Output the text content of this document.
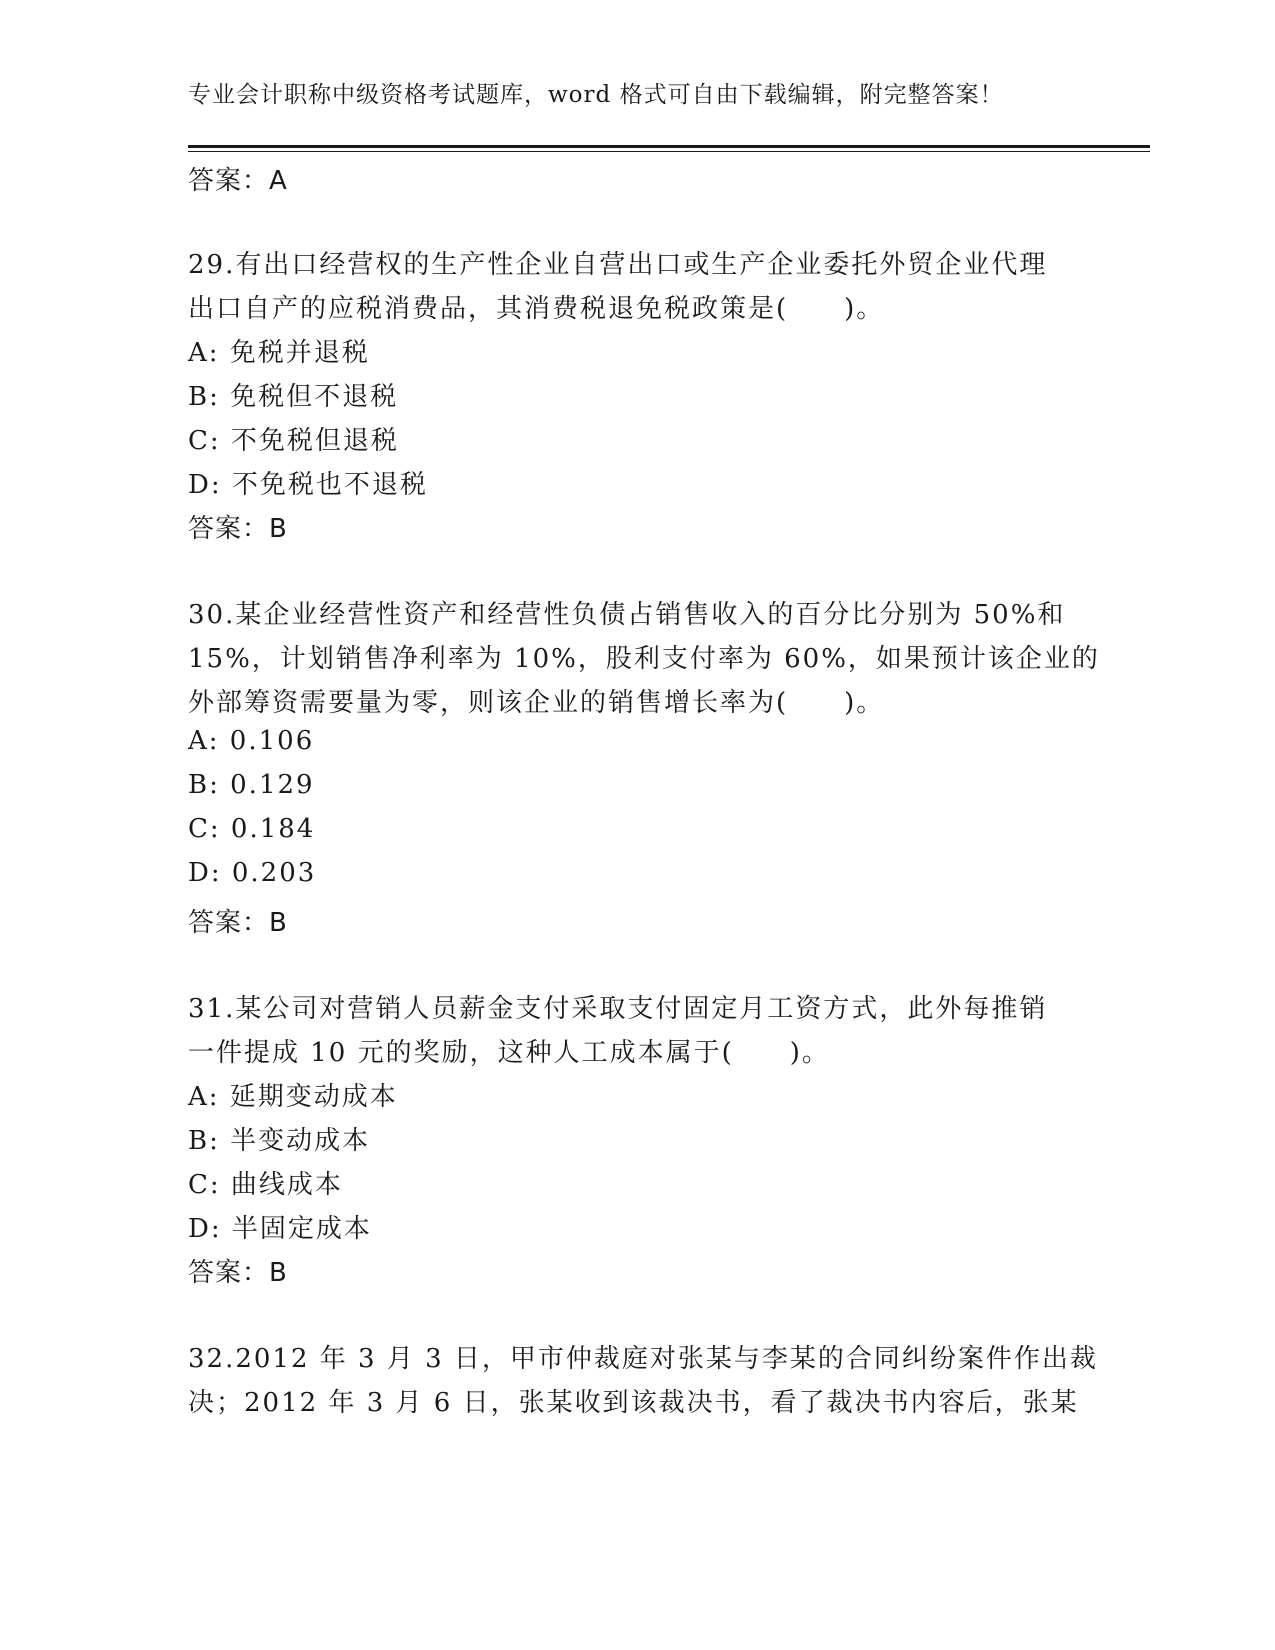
专业会计职称中级资格考试题库，word 格式可自由下载编辑，附完整答案！
答案：A
29.有出口经营权的生产性企业自营出口或生产企业委托外贸企业代理
出口自产的应税消费品，其消费税退免税政策是(　　)。
A: 免税并退税
B: 免税但不退税
C: 不免税但退税
D: 不免税也不退税
答案：B
30.某企业经营性资产和经营性负债占销售收入的百分比分别为 50%和
15%，计划销售净利率为 10%，股利支付率为 60%，如果预计该企业的
外部筹资需要量为零，则该企业的销售增长率为(　　)。
A: 0.106
B: 0.129
C: 0.184
D: 0.203
答案：B
31.某公司对营销人员薪金支付采取支付固定月工资方式，此外每推销
一件提成 10 元的奖励，这种人工成本属于(　　)。
A: 延期变动成本
B: 半变动成本
C: 曲线成本
D: 半固定成本
答案：B
32.2012 年 3 月 3 日，甲市仲裁庭对张某与李某的合同纠纷案件作出裁
决；2012 年 3 月 6 日，张某收到该裁决书，看了裁决书内容后，张某
